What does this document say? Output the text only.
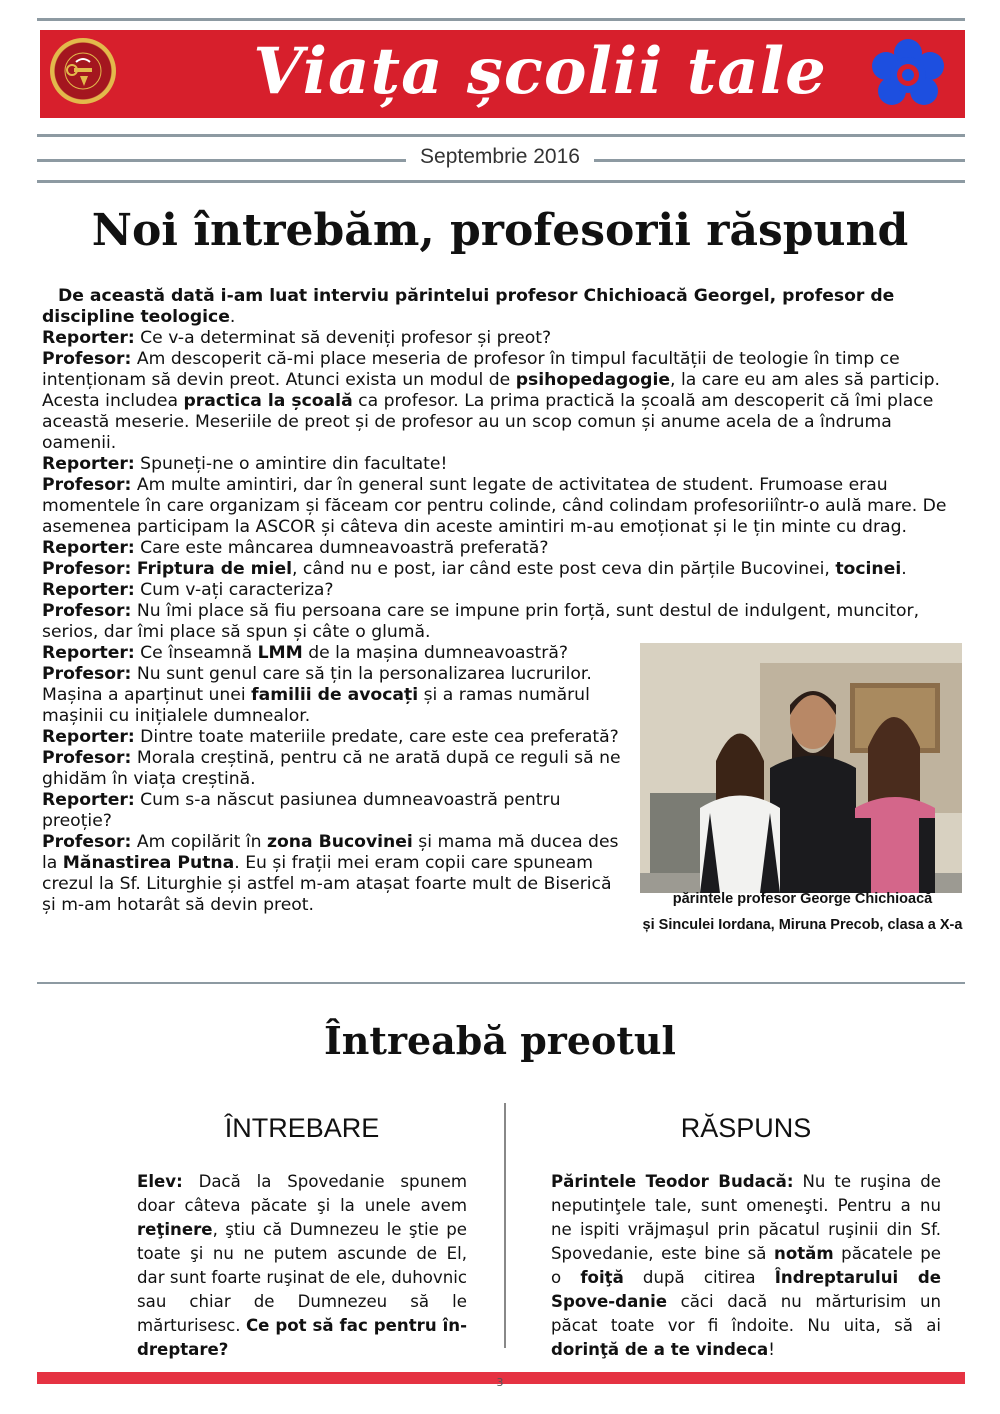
Viața școlii tale
Septembrie 2016
Noi întrebăm, profesorii răspund

De această dată i-am luat interviu părintelui profesor Chichioacă Georgel, profesor de discipline teologice.

Reporter: Ce v-a determinat să deveniți profesor și preot?

Profesor: Am descoperit că-mi place meseria de profesor în timpul facultății de teologie în timp ce intenționam să devin preot. Atunci exista un modul de psihopedagogie, la care eu am ales să particip. Acesta includea practica la școală ca profesor. La prima practică la școală am descoperit că îmi place această meserie. Meseriile de preot și de profesor au un scop comun și anume acela de a îndruma oamenii.

Reporter: Spuneți-ne o amintire din facultate!

Profesor: Am multe amintiri, dar în general sunt legate de activitatea de student. Frumoase erau momentele în care organizam și făceam cor pentru colinde, când colindam profesoriiîntr-o aulă mare. De asemenea participam la ASCOR și câteva din aceste amintiri m-au emoționat și le țin minte cu drag.

Reporter: Care este mâncarea dumneavoastră preferată?

Profesor: Friptura de miel, când nu e post, iar când este post ceva din părțile Bucovinei, tocinei.

Reporter: Cum v-ați caracteriza?

Profesor: Nu îmi place să fiu persoana care se impune prin forță, sunt destul de indulgent, muncitor, serios, dar îmi place să spun și câte o glumă.

Reporter: Ce înseamnă LMM de la mașina dumneavoastră?

Profesor: Nu sunt genul care să țin la personalizarea lucrurilor. Mașina a aparținut unei familii de avocați și a ramas numărul mașinii cu inițialele dumnealor.

Reporter: Dintre toate materiile predate, care este cea preferată?

Profesor: Morala creștină, pentru că ne arată după ce reguli să ne ghidăm în viața creștină.

Reporter: Cum s-a născut pasiunea dumneavoastră pentru preoție?

Profesor: Am copilărit în zona Bucovinei și mama mă ducea des la Mănastirea Putna. Eu și frații mei eram copii care spuneam crezul la Sf. Liturghie și astfel m-am atașat foarte mult de Biserică și m-am hotarât să devin preot.	părintele profesor George Chichioacă
și Sinculei Iordana, Miruna Precob, clasa a X-a
Întreabă preotul
ÎNTREBARE

Elev: Dacă la Spovedanie spunem doar câteva păcate şi la unele avem reţinere, ştiu că Dumnezeu le ştie pe toate şi nu ne putem ascunde de El, dar sunt foarte ruşinat de ele, duhovnic sau chiar de Dumnezeu să le mărturisesc. Ce pot să fac pentru în-dreptare?

RĂSPUNS

Părintele Teodor Budacă: Nu te ruşina de neputinţele tale, sunt omeneşti. Pentru a nu ne ispiti vrăjmaşul prin păcatul ruşinii din Sf. Spovedanie, este bine să notăm păcatele pe o foiţă după citirea Îndreptarului de Spove-danie căci dacă nu mărturisim un păcat toate vor fi îndoite. Nu uita, să ai dorinţă de a te vindeca!

3
